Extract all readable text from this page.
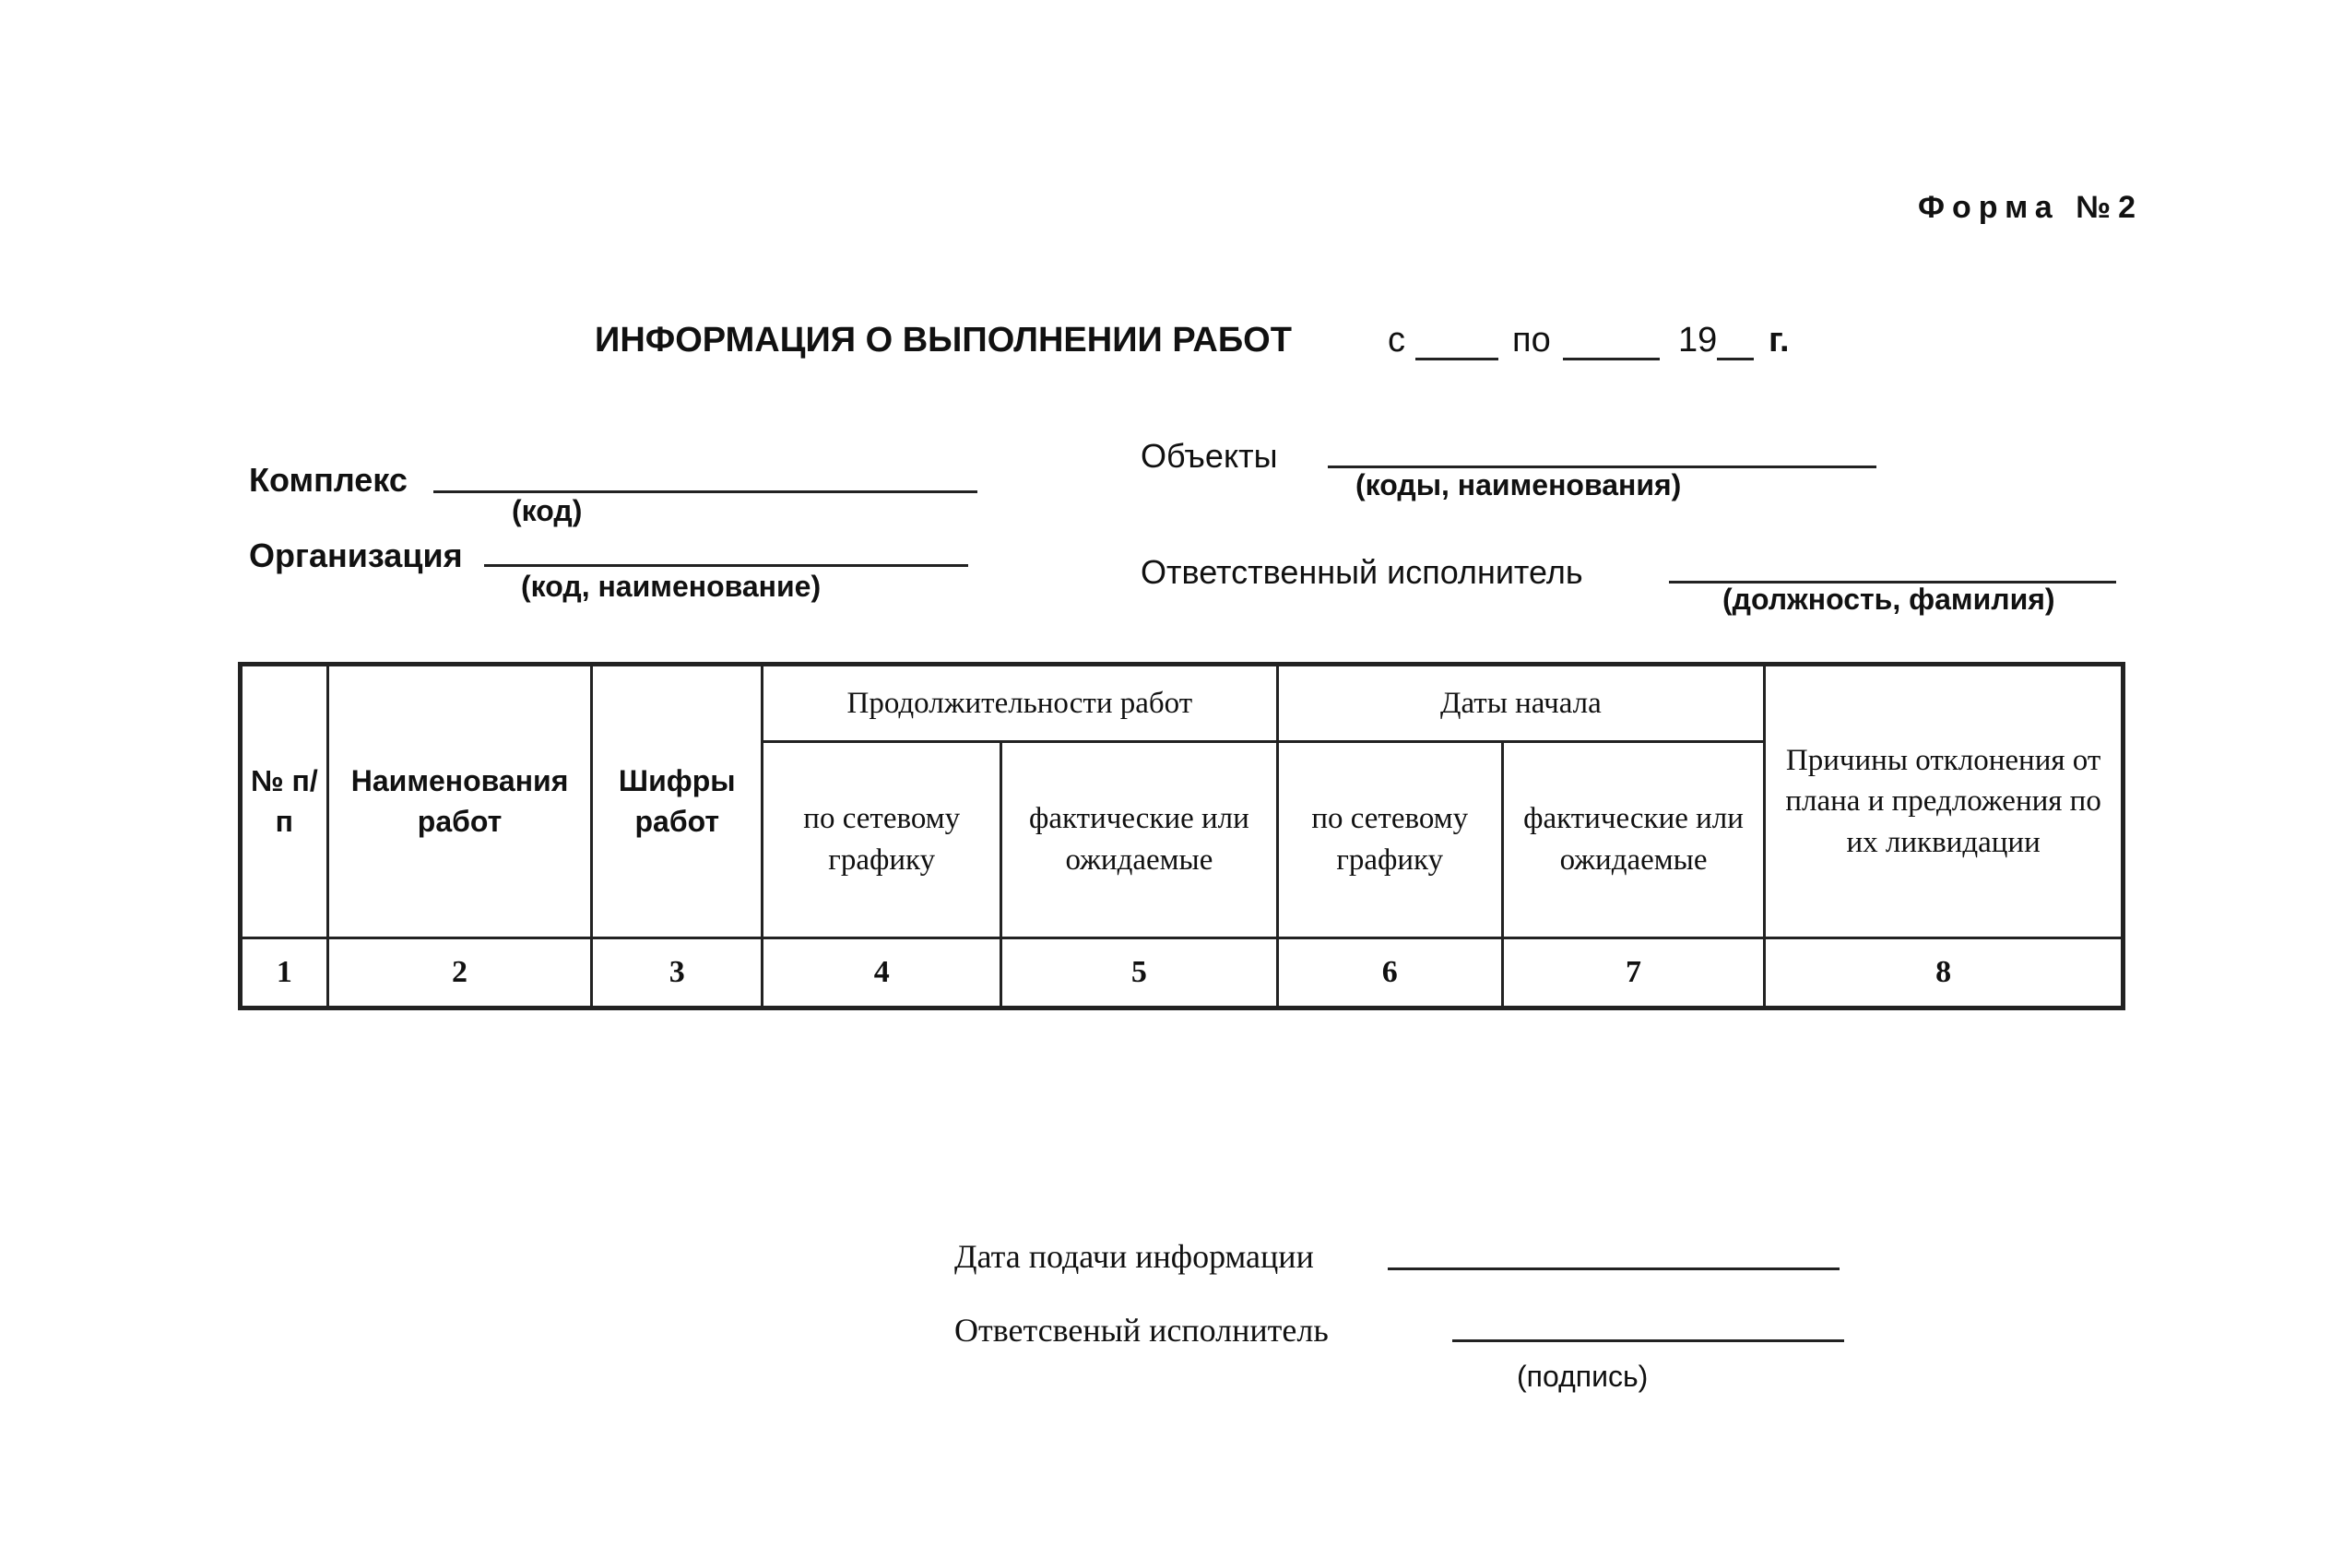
Форма №2
ИНФОРМАЦИЯ О ВЫПОЛНЕНИИ РАБОТ	с	по	19 г.
Комплекс
(код)
Организация
(код, наименование)
Объекты
(коды, наименования)
Ответственный исполнитель
(должность, фамилия)
№ п/п	Наименования работ	Шифры работ	Продолжительности работ		Даты начала		Причины отклонения от плана и предложения по их ликвидации
			по сетевому графику	фактические или ожидаемые	по сетевому графику	фактические или ожидаемые	
1	2	3	4	5	6	7	8
Дата подачи информации
Ответсвеный исполнитель
(подпись)
